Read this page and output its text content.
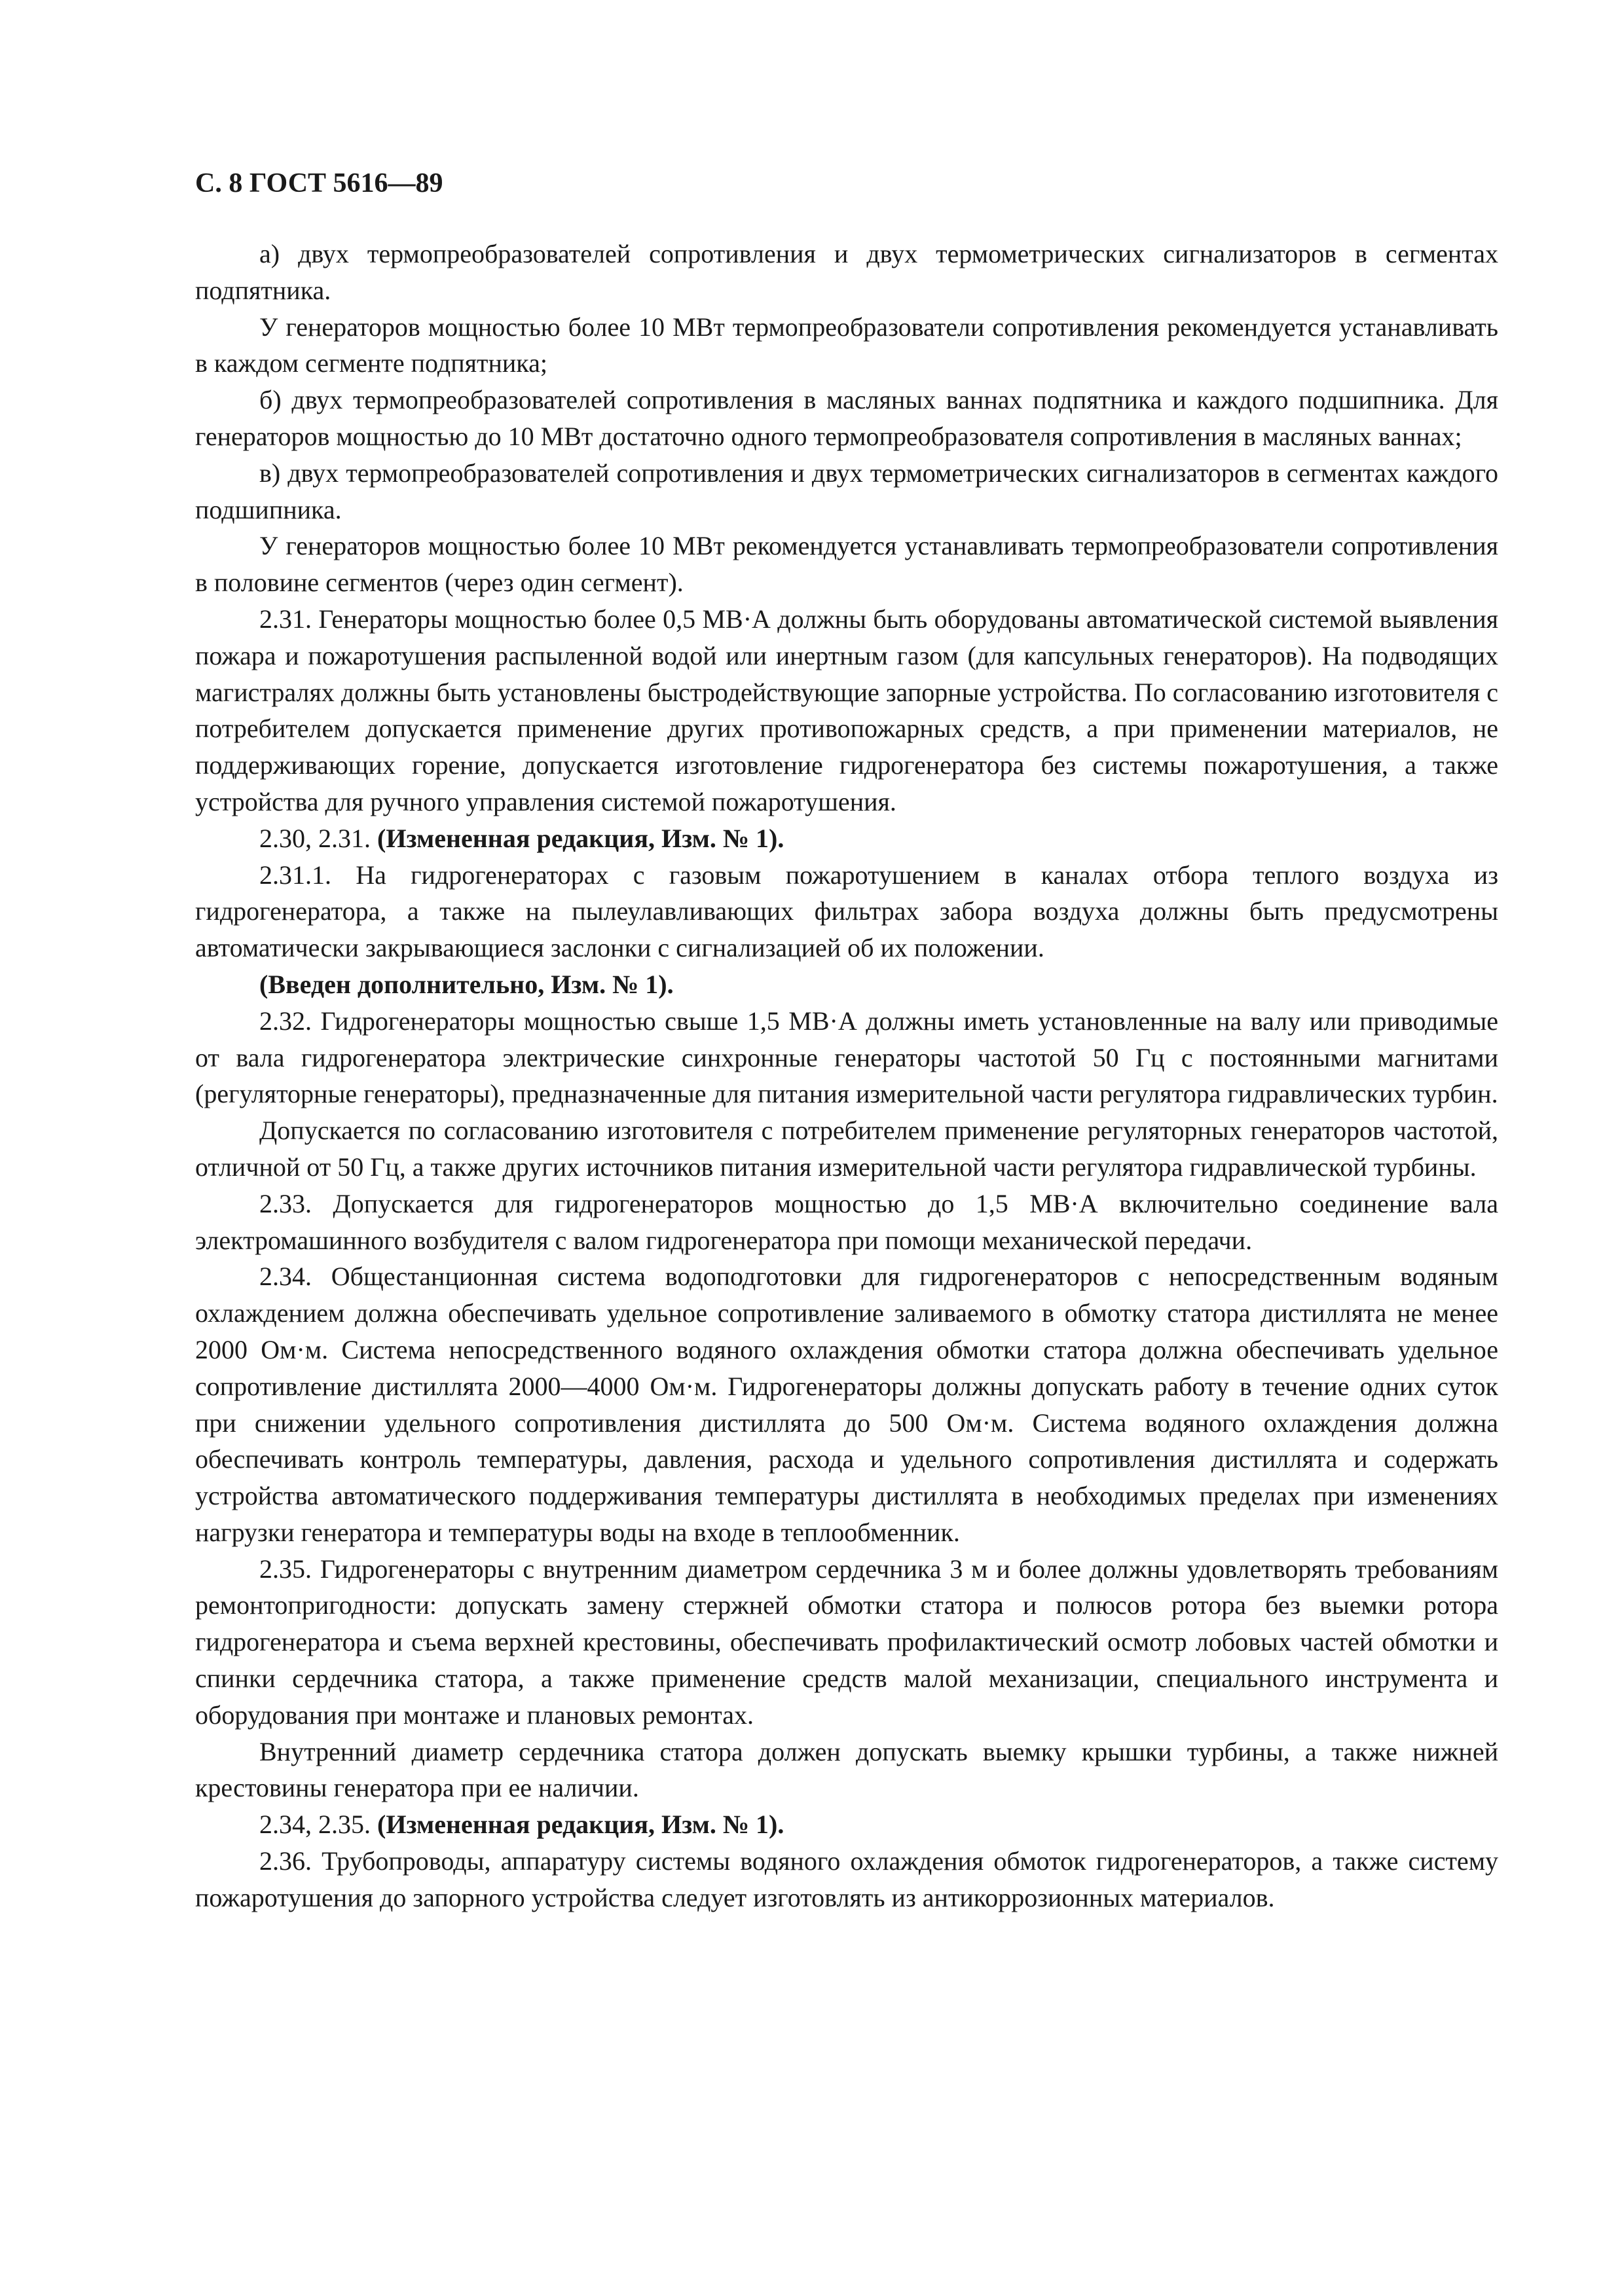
С. 8 ГОСТ 5616—89

а) двух термопреобразователей сопротивления и двух термометрических сигнализаторов в сегментах подпятника.

У генераторов мощностью более 10 МВт термопреобразователи сопротивления рекомендуется устанавливать в каждом сегменте подпятника;

б) двух термопреобразователей сопротивления в масляных ваннах подпятника и каждого подшипника. Для генераторов мощностью до 10 МВт достаточно одного термопреобразователя сопротивления в масляных ваннах;

в) двух термопреобразователей сопротивления и двух термометрических сигнализаторов в сегментах каждого подшипника.

У генераторов мощностью более 10 МВт рекомендуется устанавливать термопреобразователи сопротивления в половине сегментов (через один сегмент).

2.31. Генераторы мощностью более 0,5 МВ·А должны быть оборудованы автоматической системой выявления пожара и пожаротушения распыленной водой или инертным газом (для капсульных генераторов). На подводящих магистралях должны быть установлены быстродействующие запорные устройства. По согласованию изготовителя с потребителем допускается применение других противопожарных средств, а при применении материалов, не поддерживающих горение, допускается изготовление гидрогенератора без системы пожаротушения, а также устройства для ручного управления системой пожаротушения.

2.30, 2.31. (Измененная редакция, Изм. № 1).

2.31.1. На гидрогенераторах с газовым пожаротушением в каналах отбора теплого воздуха из гидрогенератора, а также на пылеулавливающих фильтрах забора воздуха должны быть предусмотрены автоматически закрывающиеся заслонки с сигнализацией об их положении.

(Введен дополнительно, Изм. № 1).

2.32. Гидрогенераторы мощностью свыше 1,5 МВ·А должны иметь установленные на валу или приводимые от вала гидрогенератора электрические синхронные генераторы частотой 50 Гц с постоянными магнитами (регуляторные генераторы), предназначенные для питания измерительной части регулятора гидравлических турбин.

Допускается по согласованию изготовителя с потребителем применение регуляторных генераторов частотой, отличной от 50 Гц, а также других источников питания измерительной части регулятора гидравлической турбины.

2.33. Допускается для гидрогенераторов мощностью до 1,5 МВ·А включительно соединение вала электромашинного возбудителя с валом гидрогенератора при помощи механической передачи.

2.34. Общестанционная система водоподготовки для гидрогенераторов с непосредственным водяным охлаждением должна обеспечивать удельное сопротивление заливаемого в обмотку статора дистиллята не менее 2000 Ом·м. Система непосредственного водяного охлаждения обмотки статора должна обеспечивать удельное сопротивление дистиллята 2000—4000 Ом·м. Гидрогенераторы должны допускать работу в течение одних суток при снижении удельного сопротивления дистиллята до 500 Ом·м. Система водяного охлаждения должна обеспечивать контроль температуры, давления, расхода и удельного сопротивления дистиллята и содержать устройства автоматического поддерживания температуры дистиллята в необходимых пределах при изменениях нагрузки генератора и температуры воды на входе в теплообменник.

2.35. Гидрогенераторы с внутренним диаметром сердечника 3 м и более должны удовлетворять требованиям ремонтопригодности: допускать замену стержней обмотки статора и полюсов ротора без выемки ротора гидрогенератора и съема верхней крестовины, обеспечивать профилактический осмотр лобовых частей обмотки и спинки сердечника статора, а также применение средств малой механизации, специального инструмента и оборудования при монтаже и плановых ремонтах.

Внутренний диаметр сердечника статора должен допускать выемку крышки турбины, а также нижней крестовины генератора при ее наличии.

2.34, 2.35. (Измененная редакция, Изм. № 1).

2.36. Трубопроводы, аппаратуру системы водяного охлаждения обмоток гидрогенераторов, а также систему пожаротушения до запорного устройства следует изготовлять из антикоррозионных материалов.
